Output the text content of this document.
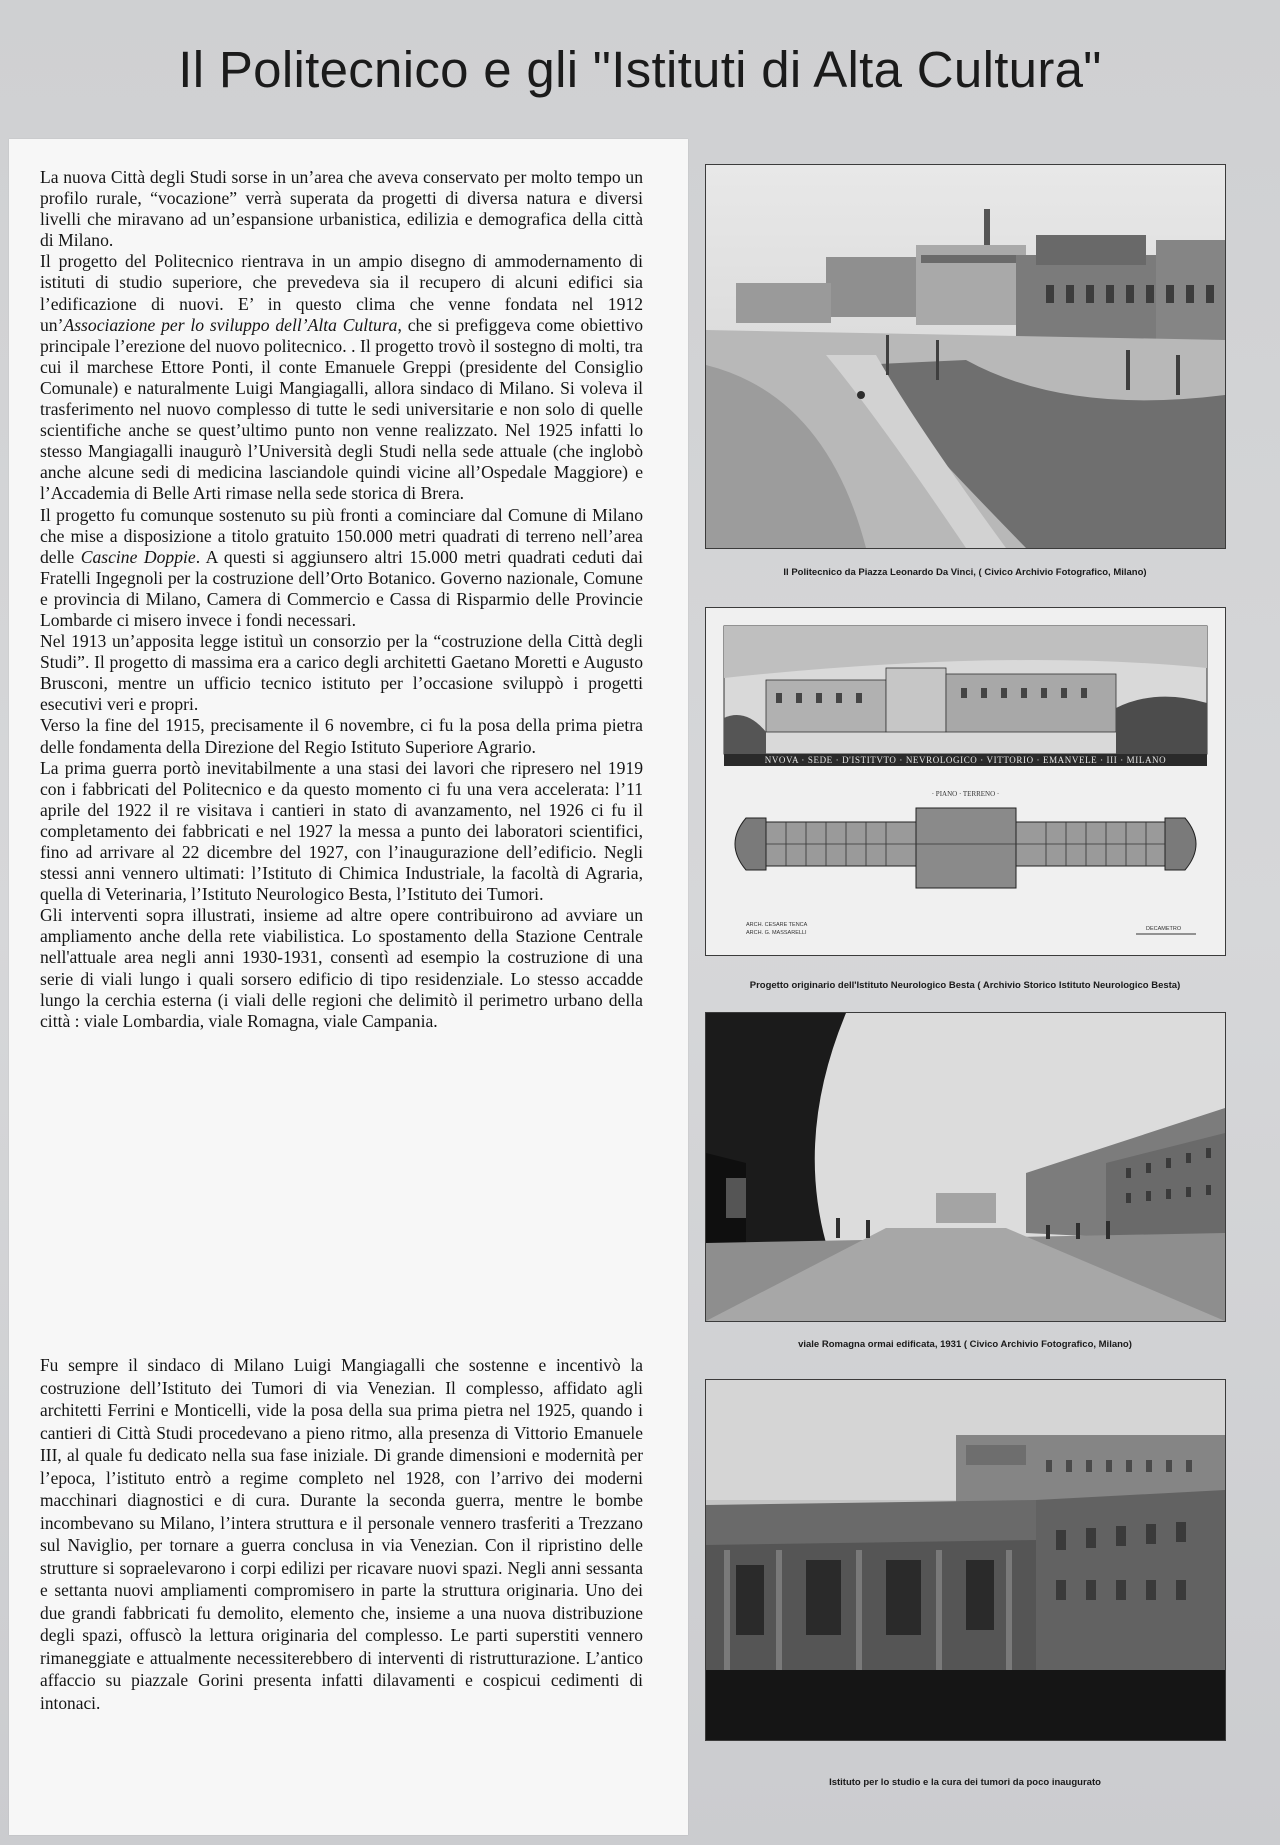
Il Politecnico e gli "Istituti di Alta Cultura"

La nuova Città degli Studi sorse in un’area che aveva conservato per molto tempo un profilo rurale, “vocazione” verrà superata da progetti di diversa natura e diversi livelli che miravano ad un’espansione urbanistica, edilizia e demografica della città di Milano.

Il progetto del Politecnico rientrava in un ampio disegno di ammodernamento di istituti di studio superiore, che prevedeva sia il recupero di alcuni edifici sia l’edificazione di nuovi. E’ in questo clima che venne fondata nel 1912 un’Associazione per lo sviluppo dell’Alta Cultura, che si prefiggeva come obiettivo principale l’erezione del nuovo politecnico. . Il progetto trovò il sostegno di molti, tra cui il marchese Ettore Ponti, il conte Emanuele Greppi (presidente del Consiglio Comunale) e naturalmente Luigi Mangiagalli, allora sindaco di Milano. Si voleva il trasferimento nel nuovo complesso di tutte le sedi universitarie e non solo di quelle scientifiche anche se quest’ultimo punto non venne realizzato. Nel 1925 infatti lo stesso Mangiagalli inaugurò l’Università degli Studi nella sede attuale (che inglobò anche alcune sedi di medicina lasciandole quindi vicine all’Ospedale Maggiore) e l’Accademia di Belle Arti rimase nella sede storica di Brera.

Il progetto fu comunque sostenuto su più fronti a cominciare dal Comune di Milano che mise a disposizione a titolo gratuito 150.000 metri quadrati di terreno nell’area delle Cascine Doppie. A questi si aggiunsero altri 15.000 metri quadrati ceduti dai Fratelli Ingegnoli per la costruzione dell’Orto Botanico. Governo nazionale, Comune e provincia di Milano, Camera di Commercio e Cassa di Risparmio delle Provincie Lombarde ci misero invece i fondi necessari.

Nel 1913 un’apposita legge istituì un consorzio per la “costruzione della Città degli Studi”. Il progetto di massima era a carico degli architetti Gaetano Moretti e Augusto Brusconi, mentre un ufficio tecnico istituto per l’occasione sviluppò i progetti esecutivi veri e propri.

Verso la fine del 1915, precisamente il 6 novembre, ci fu la posa della prima pietra delle fondamenta della Direzione del Regio Istituto Superiore Agrario.

La prima guerra portò inevitabilmente a una stasi dei lavori che ripresero nel 1919 con i fabbricati del Politecnico e da questo momento ci fu una vera accelerata: l’11 aprile del 1922 il re visitava i cantieri in stato di avanzamento, nel 1926 ci fu il completamento dei fabbricati e nel 1927 la messa a punto dei laboratori scientifici, fino ad arrivare al 22 dicembre del 1927, con l’inaugurazione dell’edificio. Negli stessi anni vennero ultimati: l’Istituto di Chimica Industriale, la facoltà di Agraria, quella di Veterinaria, l’Istituto Neurologico Besta, l’Istituto dei Tumori.

Gli interventi sopra illustrati, insieme ad altre opere contribuirono ad avviare un ampliamento anche della rete viabilistica. Lo spostamento della Stazione Centrale nell'attuale area negli anni 1930-1931, consentì ad esempio la costruzione di una serie di viali lungo i quali sorsero edificio di tipo residenziale. Lo stesso accadde lungo la cerchia esterna (i viali delle regioni che delimitò il perimetro urbano della città : viale Lombardia, viale Romagna, viale Campania.

Fu sempre il sindaco di Milano Luigi Mangiagalli che sostenne e incentivò la costruzione dell’Istituto dei Tumori di via Venezian. Il complesso, affidato agli architetti Ferrini e Monticelli, vide la posa della sua prima pietra nel 1925, quando i cantieri di Città Studi procedevano a pieno ritmo, alla presenza di Vittorio Emanuele III, al quale fu dedicato nella sua fase iniziale. Di grande dimensioni e modernità per l’epoca, l’istituto entrò a regime completo nel 1928, con l’arrivo dei moderni macchinari diagnostici e di cura. Durante la seconda guerra, mentre le bombe incombevano su Milano, l’intera struttura e il personale vennero trasferiti a Trezzano sul Naviglio, per tornare a guerra conclusa in via Venezian. Con il ripristino delle strutture si sopraelevarono i corpi edilizi per ricavare nuovi spazi. Negli anni sessanta e settanta nuovi ampliamenti compromisero in parte la struttura originaria. Uno dei due grandi fabbricati fu demolito, elemento che, insieme a una nuova distribuzione degli spazi, offuscò la lettura originaria del complesso. Le parti superstiti vennero rimaneggiate e attualmente necessiterebbero di interventi di ristrutturazione. L’antico affaccio su piazzale Gorini presenta infatti dilavamenti e cospicui cedimenti di intonaci.

Il Politecnico da Piazza Leonardo Da Vinci, ( Civico Archivio Fotografico, Milano)
NVOVA · SEDE · D'ISTITVTO · NEVROLOGICO · VITTORIO · EMANVELE · III · MILANO
· PIANO · TERRENO ·
ARCH. CESARE TENCA
ARCH. G. MASSARELLI
DECAMETRO
Progetto originario dell'Istituto Neurologico Besta ( Archivio Storico Istituto Neurologico Besta)
viale Romagna ormai edificata, 1931 ( Civico Archivio Fotografico, Milano)
Istituto per lo studio e la cura dei tumori da poco inaugurato
